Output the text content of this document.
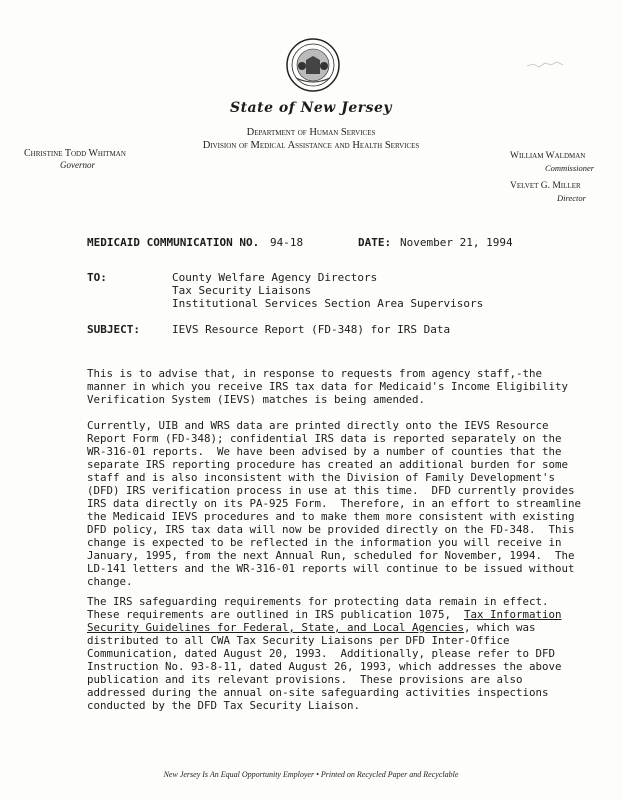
State of New Jersey
Department of Human Services
Division of Medical Assistance and Health Services
Christine Todd Whitman
Governor
William Waldman
Commissioner
Velvet G. Miller
Director
MEDICAID COMMUNICATION NO. 94-18	DATE: November 21, 1994
TO:	County Welfare Agency Directors
Tax Security Liaisons
Institutional Services Section Area Supervisors
SUBJECT:	IEVS Resource Report (FD-348) for IRS Data
This is to advise that, in response to requests from agency staff,-the
manner in which you receive IRS tax data for Medicaid's Income Eligibility
Verification System (IEVS) matches is being amended.
Currently, UIB and WRS data are printed directly onto the IEVS Resource
Report Form (FD-348); confidential IRS data is reported separately on the
WR-316-01 reports.  We have been advised by a number of counties that the
separate IRS reporting procedure has created an additional burden for some
staff and is also inconsistent with the Division of Family Development's
(DFD) IRS verification process in use at this time.  DFD currently provides
IRS data directly on its PA-925 Form.  Therefore, in an effort to streamline
the Medicaid IEVS procedures and to make them more consistent with existing
DFD policy, IRS tax data will now be provided directly on the FD-348.  This
change is expected to be reflected in the information you will receive in
January, 1995, from the next Annual Run, scheduled for November, 1994.  The
LD-141 letters and the WR-316-01 reports will continue to be issued without
change.
The IRS safeguarding requirements for protecting data remain in effect.
These requirements are outlined in IRS publication 1075,  Tax Information
Security Guidelines for Federal, State, and Local Agencies, which was
distributed to all CWA Tax Security Liaisons per DFD Inter-Office
Communication, dated August 20, 1993.  Additionally, please refer to DFD
Instruction No. 93-8-11, dated August 26, 1993, which addresses the above
publication and its relevant provisions.  These provisions are also
addressed during the annual on-site safeguarding activities inspections
conducted by the DFD Tax Security Liaison.
New Jersey Is An Equal Opportunity Employer • Printed on Recycled Paper and Recyclable
